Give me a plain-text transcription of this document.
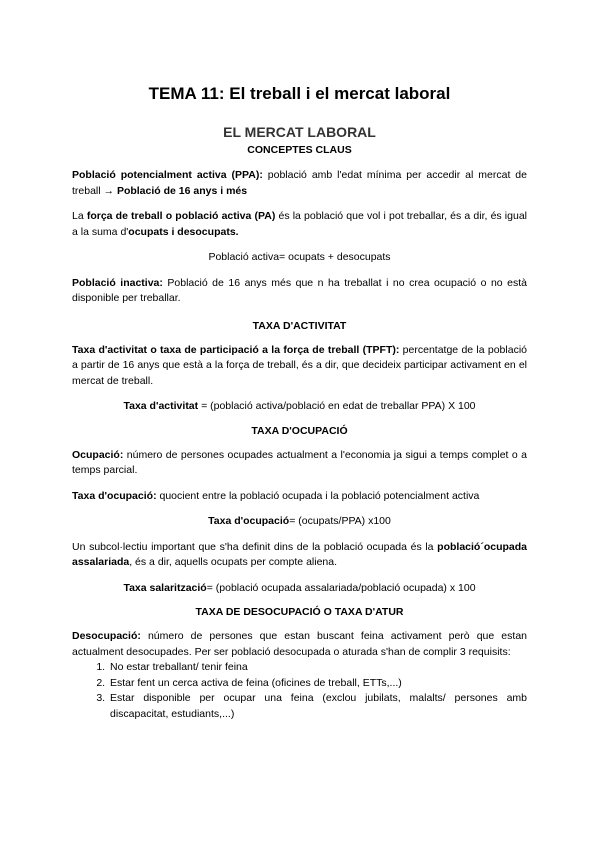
TEMA 11: El treball i el mercat laboral
EL MERCAT LABORAL
CONCEPTES CLAUS

Població potencialment activa (PPA): població amb l'edat mínima per accedir al mercat de treball → Població de 16 anys i més

La força de treball o població activa (PA) és la població que vol i pot treballar, és a dir, és igual a la suma d'ocupats i desocupats.

Població activa= ocupats + desocupats

Població inactiva: Població de 16 anys més que n ha treballat i no crea ocupació o no està disponible per treballar.

TAXA D'ACTIVITAT

Taxa d'activitat o taxa de participació a la força de treball (TPFT): percentatge de la població a partir de 16 anys que està a la força de treball, és a dir, que decideix participar activament en el mercat de treball.

Taxa d'activitat = (població activa/població en edat de treballar PPA) X 100

TAXA D'OCUPACIÓ

Ocupació: número de persones ocupades actualment a l'economia ja sigui a temps complet o a temps parcial.

Taxa d'ocupació: quocient entre la població ocupada i la població potencialment activa

Taxa d'ocupació= (ocupats/PPA) x100

Un subcol·lectiu important que s'ha definit dins de la població ocupada és la població´ocupada assalariada, és a dir, aquells ocupats per compte aliena.

Taxa salarització= (població ocupada assalariada/població ocupada) x 100

TAXA DE DESOCUPACIÓ O TAXA D'ATUR

Desocupació: número de persones que estan buscant feina activament però que estan actualment desocupades. Per ser població desocupada o aturada s'han de complir 3 requisits:

1. No estar treballant/ tenir feina
2. Estar fent un cerca activa de feina (oficines de treball, ETTs,...)
3. Estar disponible per ocupar una feina (exclou jubilats, malalts/ persones amb discapacitat, estudiants,...)
